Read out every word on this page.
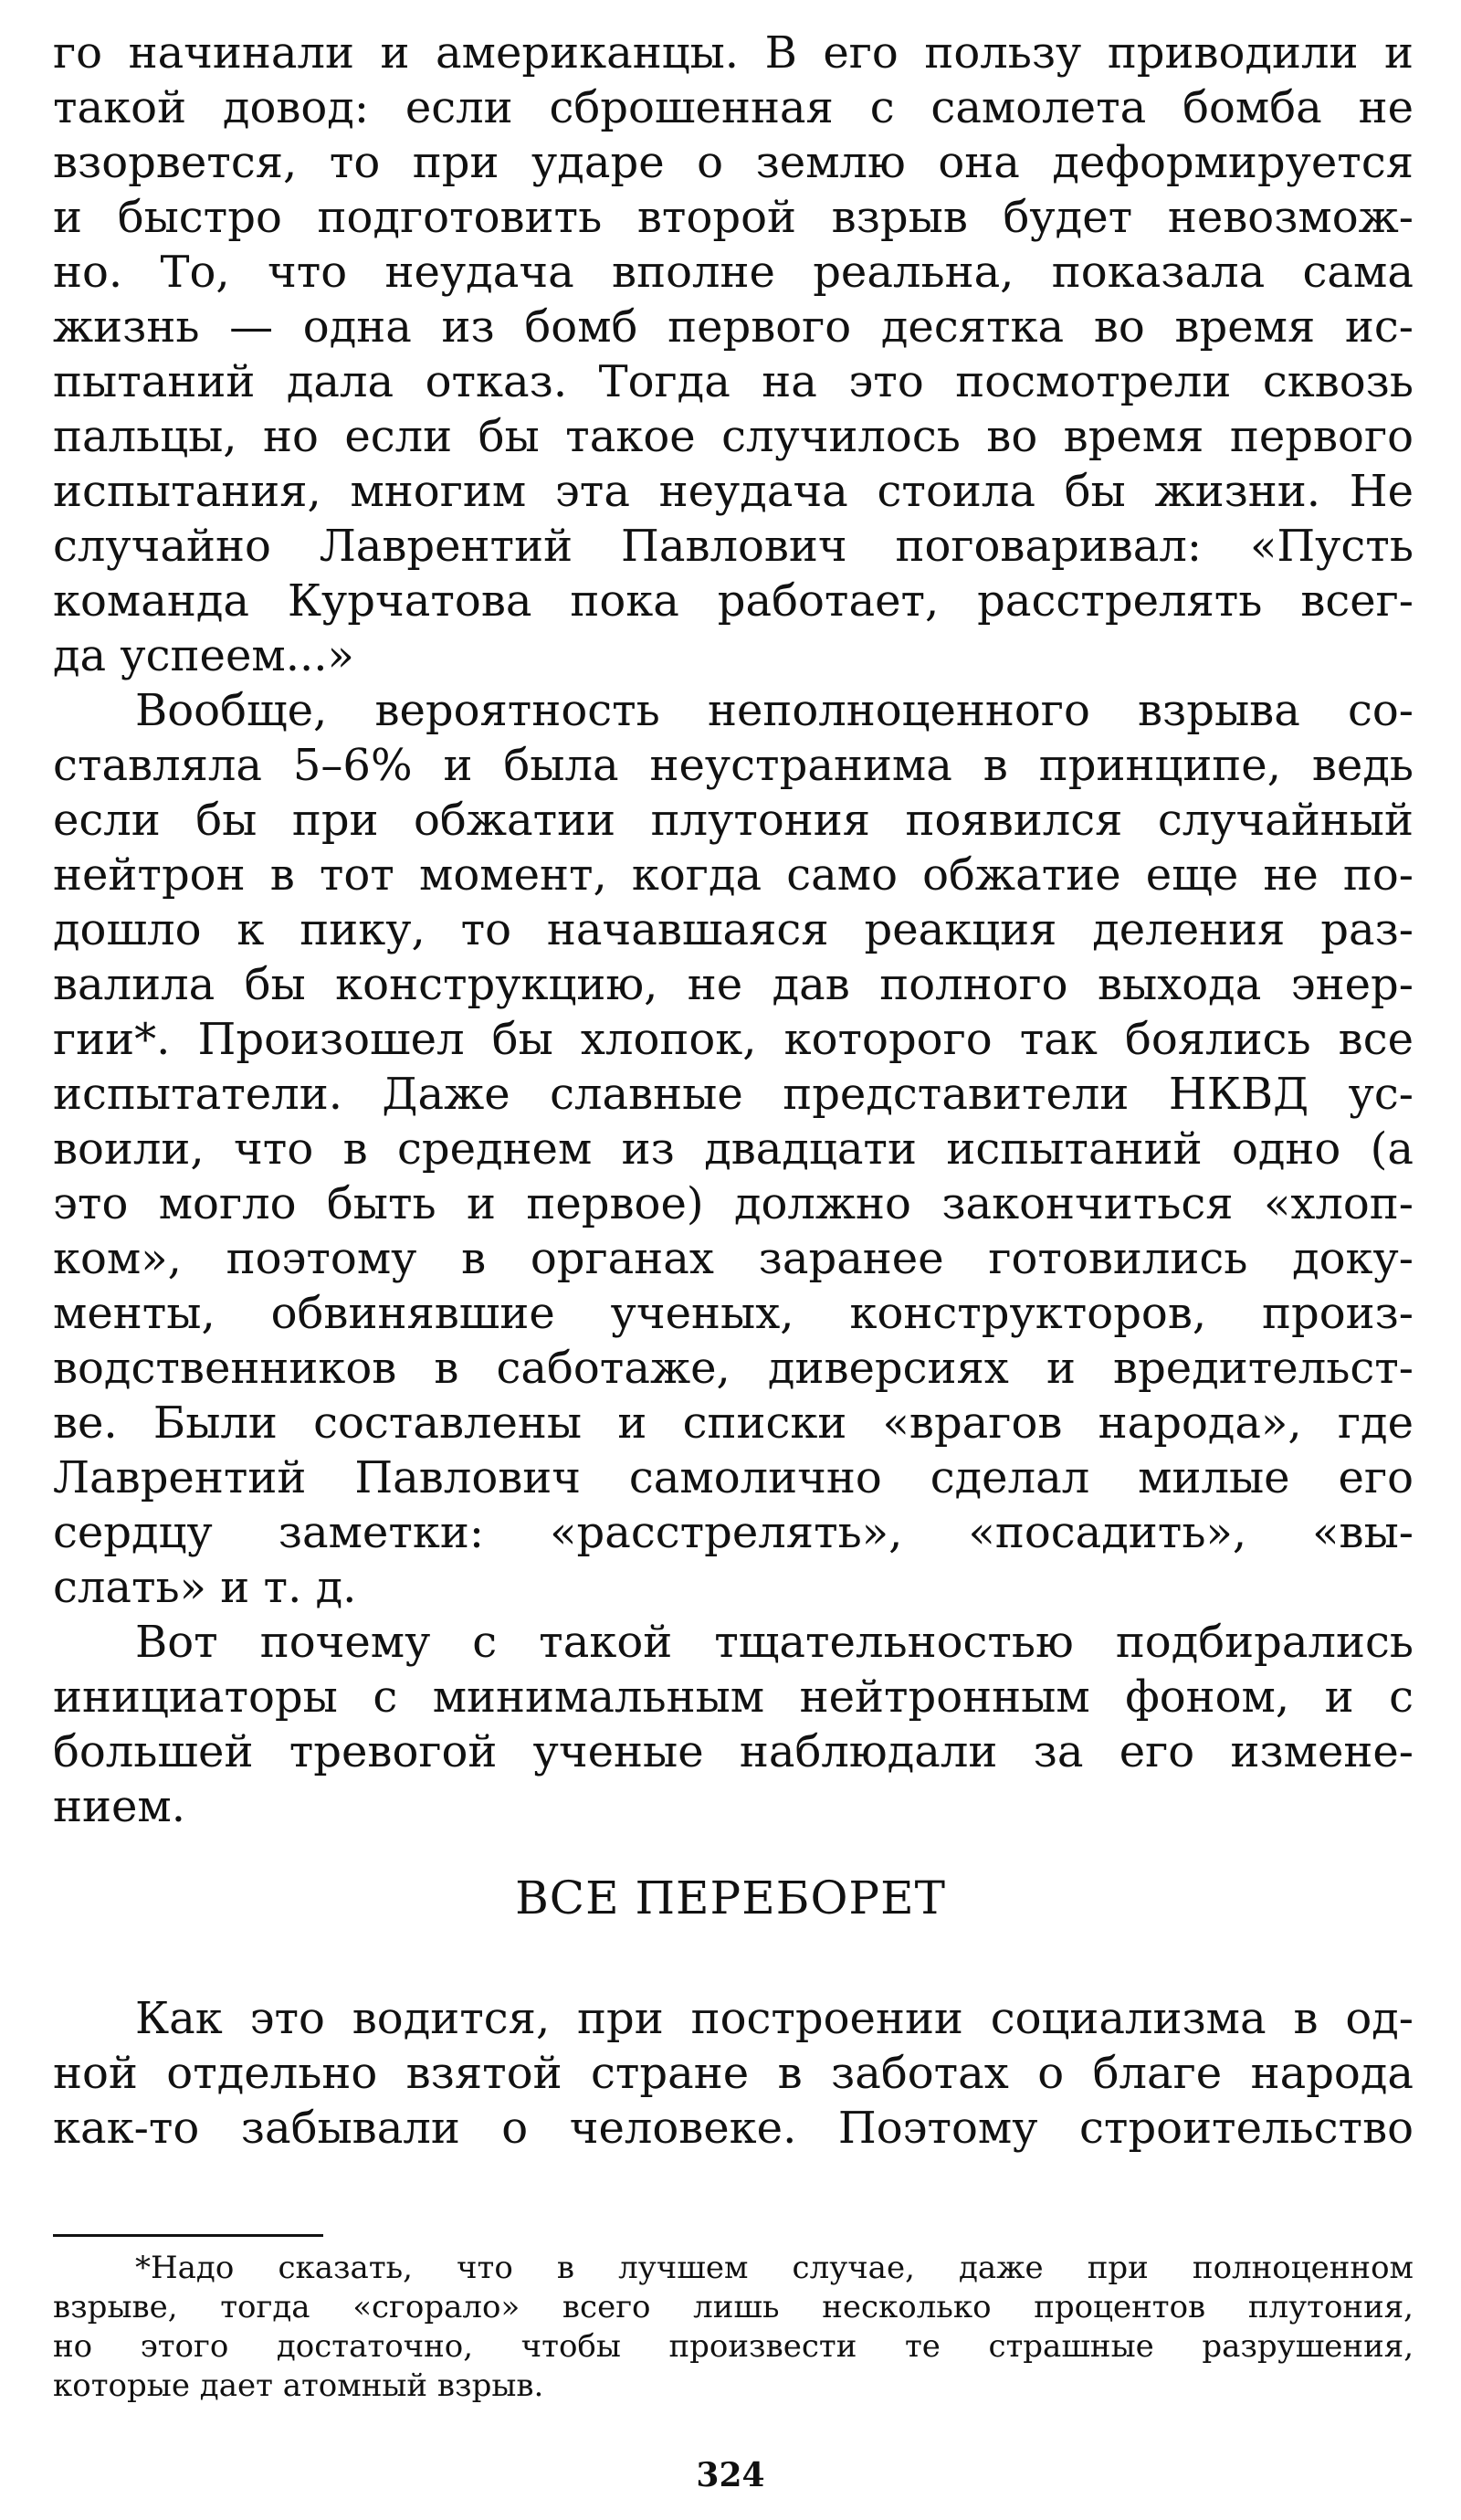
го начинали и американцы. В его пользу приводили и
такой довод: если сброшенная с самолета бомба не
взорвется, то при ударе о землю она деформируется
и быстро подготовить второй взрыв будет невозмож-
но. То, что неудача вполне реальна, показала сама
жизнь — одна из бомб первого десятка во время ис-
пытаний дала отказ. Тогда на это посмотрели сквозь
пальцы, но если бы такое случилось во время первого
испытания, многим эта неудача стоила бы жизни. Не
случайно Лаврентий Павлович поговаривал: «Пусть
команда Курчатова пока работает, расстрелять всег-
да успеем...»
Вообще, вероятность неполноценного взрыва со-
ставляла 5–6% и была неустранима в принципе, ведь
если бы при обжатии плутония появился случайный
нейтрон в тот момент, когда само обжатие еще не по-
дошло к пику, то начавшаяся реакция деления раз-
валила бы конструкцию, не дав полного выхода энер-
гии*. Произошел бы хлопок, которого так боялись все
испытатели. Даже славные представители НКВД ус-
воили, что в среднем из двадцати испытаний одно (а
это могло быть и первое) должно закончиться «хлоп-
ком», поэтому в органах заранее готовились доку-
менты, обвинявшие ученых, конструкторов, произ-
водственников в саботаже, диверсиях и вредительст-
ве. Были составлены и списки «врагов народа», где
Лаврентий Павлович самолично сделал милые его
сердцу заметки: «расстрелять», «посадить», «вы-
слать» и т. д.
Вот почему с такой тщательностью подбирались
инициаторы с минимальным нейтронным фоном, и с
большей тревогой ученые наблюдали за его измене-
нием.
ВСЕ ПЕРЕБОРЕТ
Как это водится, при построении социализма в од-
ной отдельно взятой стране в заботах о благе народа
как-то забывали о человеке. Поэтому строительство
*Надо сказать, что в лучшем случае, даже при полноценном
взрыве, тогда «сгорало» всего лишь несколько процентов плутония,
но этого достаточно, чтобы произвести те страшные разрушения,
которые дает атомный взрыв.
324
